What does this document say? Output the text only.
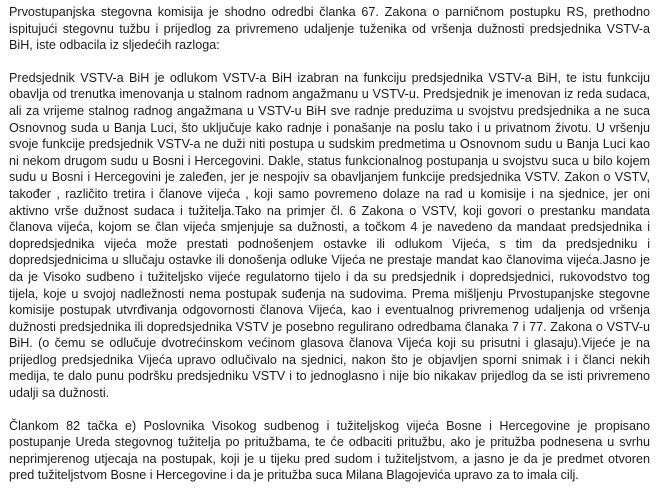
Prvostupanjska stegovna komisija je shodno odredbi članka 67. Zakona o parničnom postupku RS, prethodno ispitujući stegovnu tužbu i prijedlog za privremeno udaljenje tuženika od vršenja dužnosti predsjednika VSTV-a BiH, iste odbacila iz sljedećih razloga:

Predsjednik VSTV-a BiH je odlukom VSTV-a BiH izabran na funkciju predsjednika VSTV-a BiH, te istu funkciju obavlja od trenutka imenovanja u stalnom radnom angažmanu u VSTV-u. Predsjednik je imenovan iz reda sudaca, ali za vrijeme stalnog radnog angažmana u VSTV-u BiH sve radnje preduzima u svojstvu predsjednika a ne suca Osnovnog suda u Banja Luci, što uključuje kako radnje i ponašanje na poslu tako i u privatnom životu. U vršenju svoje funkcije predsjednik VSTV-a ne duži niti postupa u sudskim predmetima u Osnovnom sudu u Banja Luci kao ni nekom drugom sudu u Bosni i Hercegovini. Dakle, status funkcionalnog postupanja u svojstvu suca u bilo kojem sudu u Bosni i Hercegovini je zaleđen, jer je nespojiv sa obavljanjem funkcije predsjednika VSTV. Zakon o VSTV, također , različito tretira i članove vijeća , koji samo povremeno dolaze na rad u komisije i na sjednice, jer oni aktivno vrše dužnost sudaca i tužitelja.Tako na primjer čl. 6 Zakona o VSTV, koji govori o prestanku mandata članova vijeća, kojom se član vijeća smjenjuje sa dužnosti, a točkom 4 je navedeno da mandaat predsjednika i dopredsjednika vijeća može prestati podnošenjem ostavke ili odlukom Vijeća, s tim da predsjedniku i dopredsjednicima u sllučaju ostavke ili donošenja odluke Vijeća ne prestaje mandat kao članovima vijeća.Jasno je da je Visoko sudbeno i tužiteljsko vijeće regulatorno tijelo i da su predsjednik i dopredsjednici, rukovodstvo tog tijela, koje u svojoj nadležnosti nema postupak suđenja na sudovima. Prema mišljenju Prvostupanjske stegovne komisije postupak utvrđivanja odgovornosti članova Vijeća, kao i eventualnog privremenog udaljenja od vršenja dužnosti predsjednika ili dopredsjednika VSTV je posebno regulirano odredbama članaka 7 i 77. Zakona o VSTV-u BiH. (o čemu se odlučuje dvotrećinskom većinom glasova članova Vijeća koji su prisutni i glasaju).Vijeće je na prijedlog predsjednika Vijeća upravo odlučivalo na sjednici, nakon što je objavljen sporni snimak i i članci nekih medija, te dalo punu podršku predsjedniku VSTV i to jednoglasno i nije bio nikakav prijedlog da se isti privremeno udalji sa dužnosti.

Člankom 82 tačka e) Poslovnika Visokog sudbenog i tužiteljskog vijeća Bosne i Hercegovine je propisano postupanje Ureda stegovnog tužitelja po pritužbama, te će odbaciti pritužbu, ako je pritužba podnesena u svrhu neprimjerenog utjecaja na postupak, koji je u tijeku pred sudom i tužiteljstvom, a jasno je da je predmet otvoren pred tužiteljstvom Bosne i Hercegovine i da je pritužba suca Milana Blagojevića upravo za to imala cilj.
